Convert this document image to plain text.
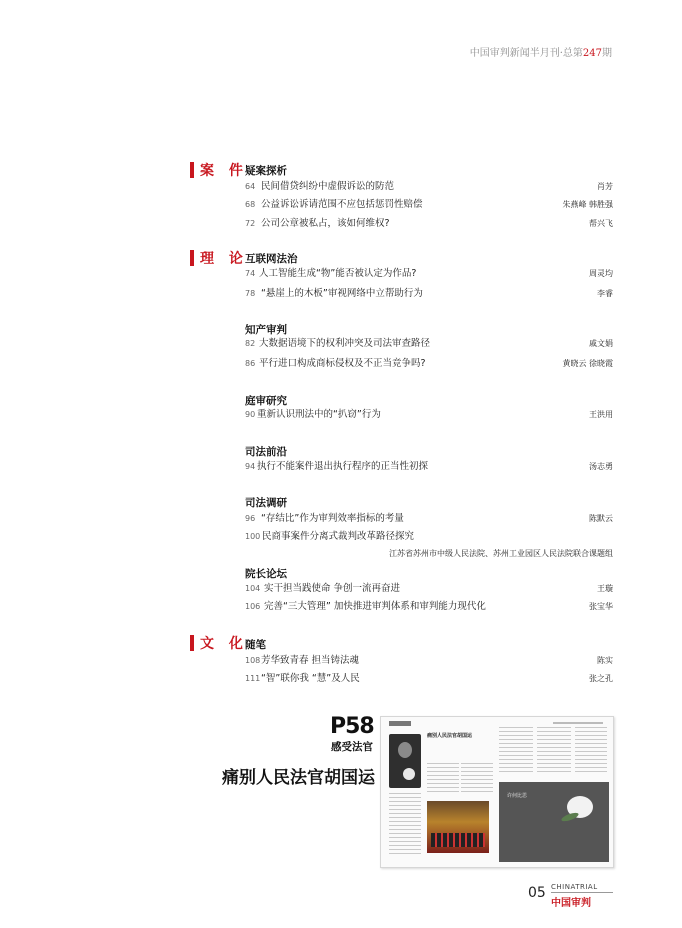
中国审判新闻半月刊·总第247期
案 件
疑案探析
64 民间借贷纠纷中虚假诉讼的防范	肖芳
68 公益诉讼诉请范围不应包括惩罚性赔偿	朱燕峰 韩胜强
72 公司公章被私占，该如何维权?	帮兴飞
理 论
互联网法治
74 人工智能生成“物”能否被认定为作品?	周灵均
78 “悬崖上的木板”审视网络中立帮助行为	李睿
知产审判
82 大数据语境下的权利冲突及司法审查路径	戚文娟
86 平行进口构成商标侵权及不正当竞争吗?	黄晓云 徐晓霞
庭审研究
90 重新认识刑法中的“扒窃”行为	王洪用
司法前沿
94 执行不能案件退出执行程序的正当性初探	汤志勇
司法调研
96 “存结比”作为审判效率指标的考量	陈默云
100 民商事案件分离式裁判改革路径探究
江苏省苏州市中级人民法院、苏州工业园区人民法院联合课题组
院长论坛
104 实干担当践使命 争创一流再奋进	王璇
106 完善“三大管理” 加快推进审判体系和审判能力现代化	张宝华
文 化
随笔
108 芳华致青春 担当铸法魂	陈实
111 “智”联你我 “慧”及人民	张之孔
P58
感受法官
痛别人民法官胡国运
痛别人民法官胡国运
许何比思
05 CHINATRIAL
中国审判
